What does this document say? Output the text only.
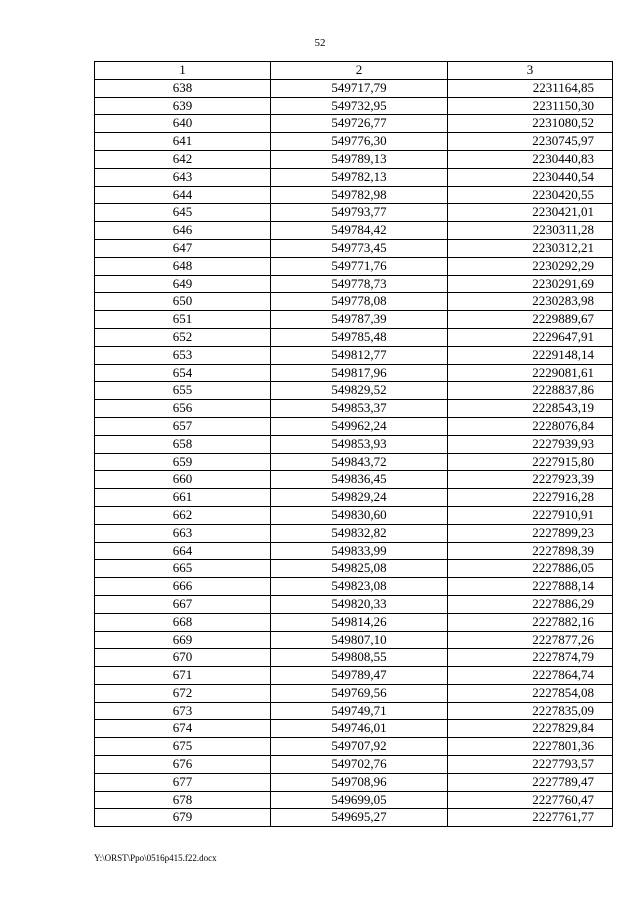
52
1	2	3
638	549717,79	2231164,85
639	549732,95	2231150,30
640	549726,77	2231080,52
641	549776,30	2230745,97
642	549789,13	2230440,83
643	549782,13	2230440,54
644	549782,98	2230420,55
645	549793,77	2230421,01
646	549784,42	2230311,28
647	549773,45	2230312,21
648	549771,76	2230292,29
649	549778,73	2230291,69
650	549778,08	2230283,98
651	549787,39	2229889,67
652	549785,48	2229647,91
653	549812,77	2229148,14
654	549817,96	2229081,61
655	549829,52	2228837,86
656	549853,37	2228543,19
657	549962,24	2228076,84
658	549853,93	2227939,93
659	549843,72	2227915,80
660	549836,45	2227923,39
661	549829,24	2227916,28
662	549830,60	2227910,91
663	549832,82	2227899,23
664	549833,99	2227898,39
665	549825,08	2227886,05
666	549823,08	2227888,14
667	549820,33	2227886,29
668	549814,26	2227882,16
669	549807,10	2227877,26
670	549808,55	2227874,79
671	549789,47	2227864,74
672	549769,56	2227854,08
673	549749,71	2227835,09
674	549746,01	2227829,84
675	549707,92	2227801,36
676	549702,76	2227793,57
677	549708,96	2227789,47
678	549699,05	2227760,47
679	549695,27	2227761,77
Y:\ORST\Ppo\0516p415.f22.docx
